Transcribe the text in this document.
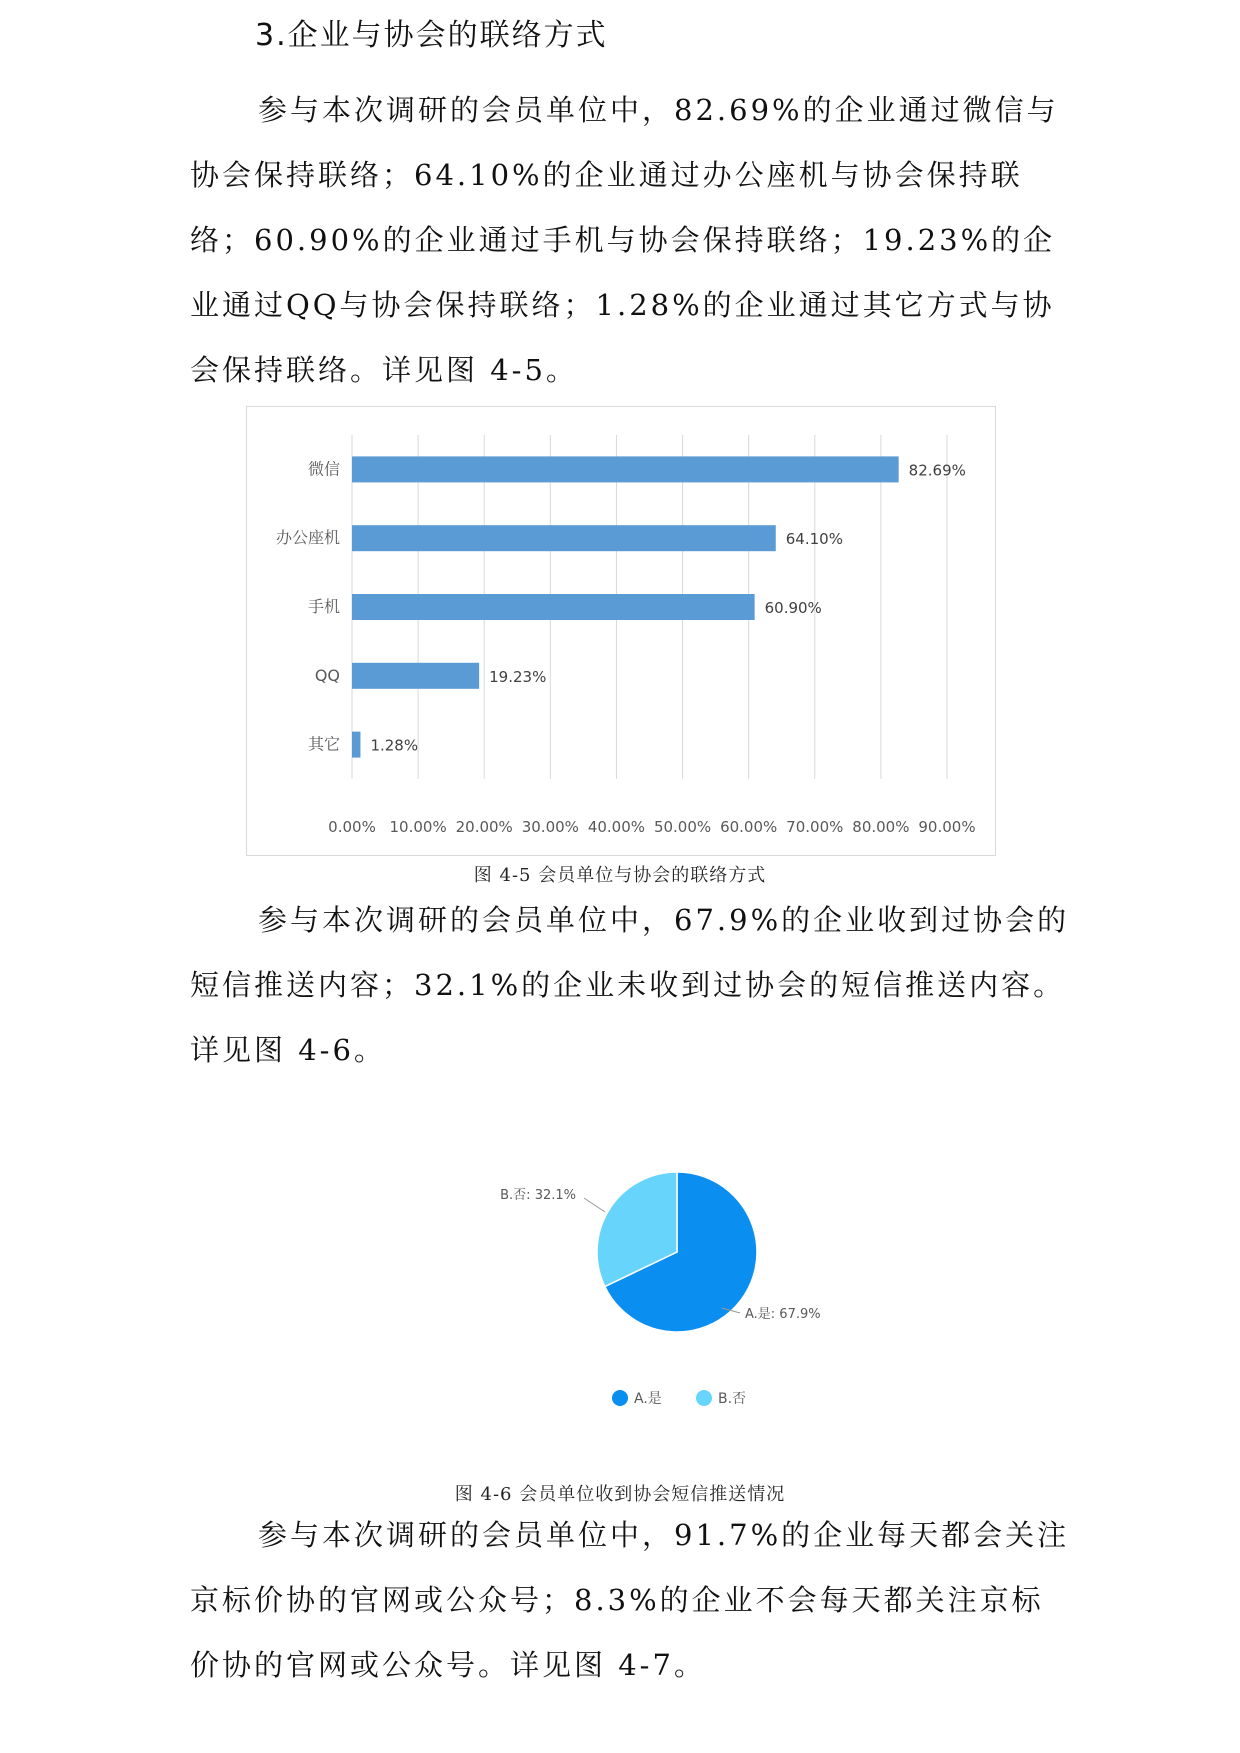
3.企业与协会的联络方式

参与本次调研的会员单位中，82.69%的企业通过微信与协会保持联络；64.10%的企业通过办公座机与协会保持联络；60.90%的企业通过手机与协会保持联络；19.23%的企业通过QQ与协会保持联络；1.28%的企业通过其它方式与协会保持联络。详见图 4-5。

0.00% 10.00% 20.00% 30.00% 40.00% 50.00% 60.00% 70.00% 80.00% 90.00%
微信	82.69%
办公座机	64.10%
手机	60.90%
QQ	19.23%
其它 1.28%
图 4-5 会员单位与协会的联络方式

参与本次调研的会员单位中，67.9%的企业收到过协会的短信推送内容；32.1%的企业未收到过协会的短信推送内容。详见图 4-6。

A.是: 67.9%
B.否: 32.1%
A.是	B.否
图 4-6 会员单位收到协会短信推送情况

参与本次调研的会员单位中，91.7%的企业每天都会关注京标价协的官网或公众号；8.3%的企业不会每天都关注京标价协的官网或公众号。详见图 4-7。
